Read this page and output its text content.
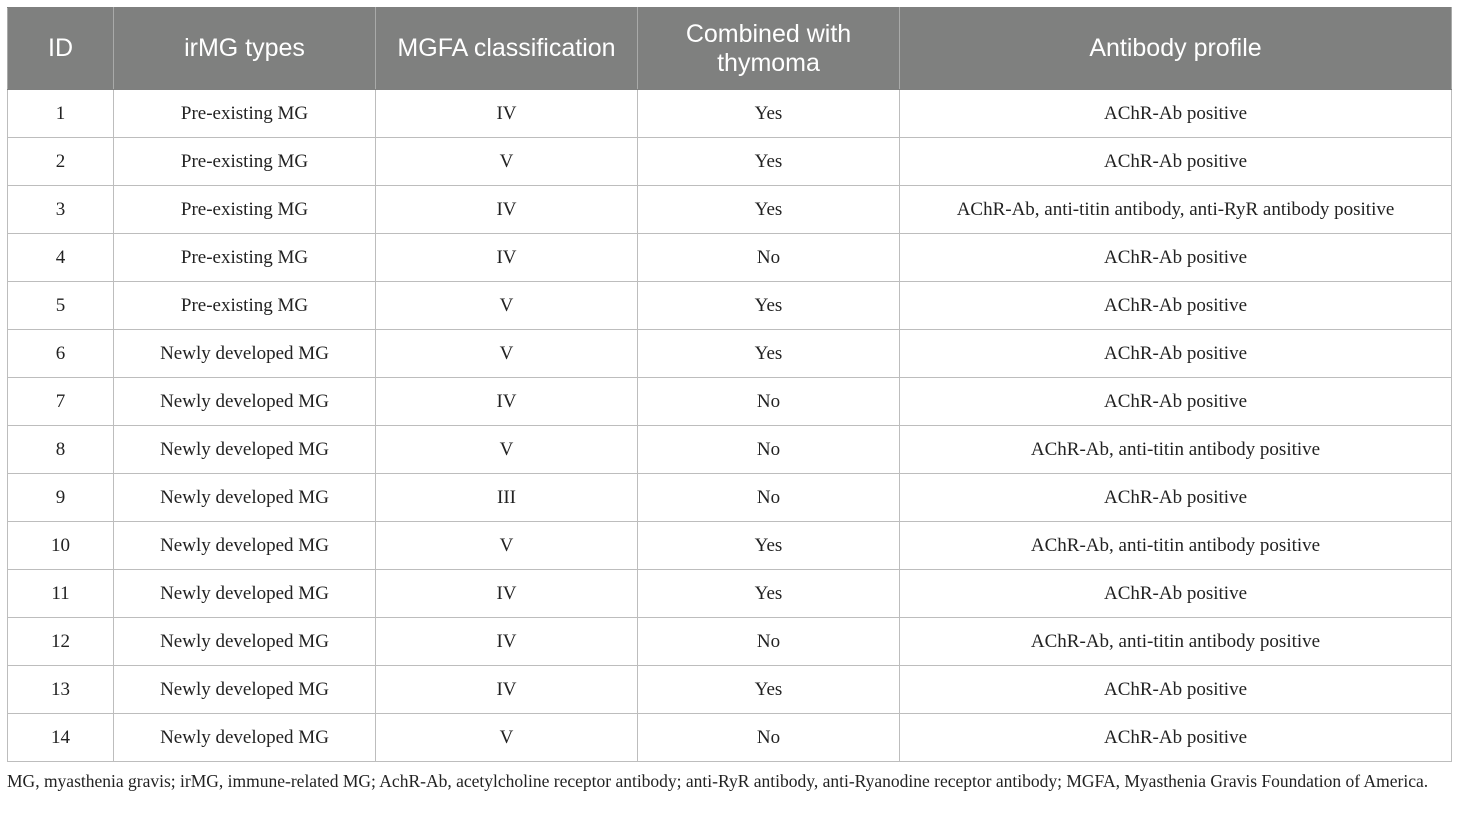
ID	irMG types	MGFA classification	Combined with thymoma	Antibody profile
1	Pre-existing MG	IV	Yes	AChR-Ab positive
2	Pre-existing MG	V	Yes	AChR-Ab positive
3	Pre-existing MG	IV	Yes	AChR-Ab, anti-titin antibody, anti-RyR antibody positive
4	Pre-existing MG	IV	No	AChR-Ab positive
5	Pre-existing MG	V	Yes	AChR-Ab positive
6	Newly developed MG	V	Yes	AChR-Ab positive
7	Newly developed MG	IV	No	AChR-Ab positive
8	Newly developed MG	V	No	AChR-Ab, anti-titin antibody positive
9	Newly developed MG	III	No	AChR-Ab positive
10	Newly developed MG	V	Yes	AChR-Ab, anti-titin antibody positive
11	Newly developed MG	IV	Yes	AChR-Ab positive
12	Newly developed MG	IV	No	AChR-Ab, anti-titin antibody positive
13	Newly developed MG	IV	Yes	AChR-Ab positive
14	Newly developed MG	V	No	AChR-Ab positive
MG, myasthenia gravis; irMG, immune-related MG; AchR-Ab, acetylcholine receptor antibody; anti-RyR antibody, anti-Ryanodine receptor antibody; MGFA, Myasthenia Gravis Foundation of America.
